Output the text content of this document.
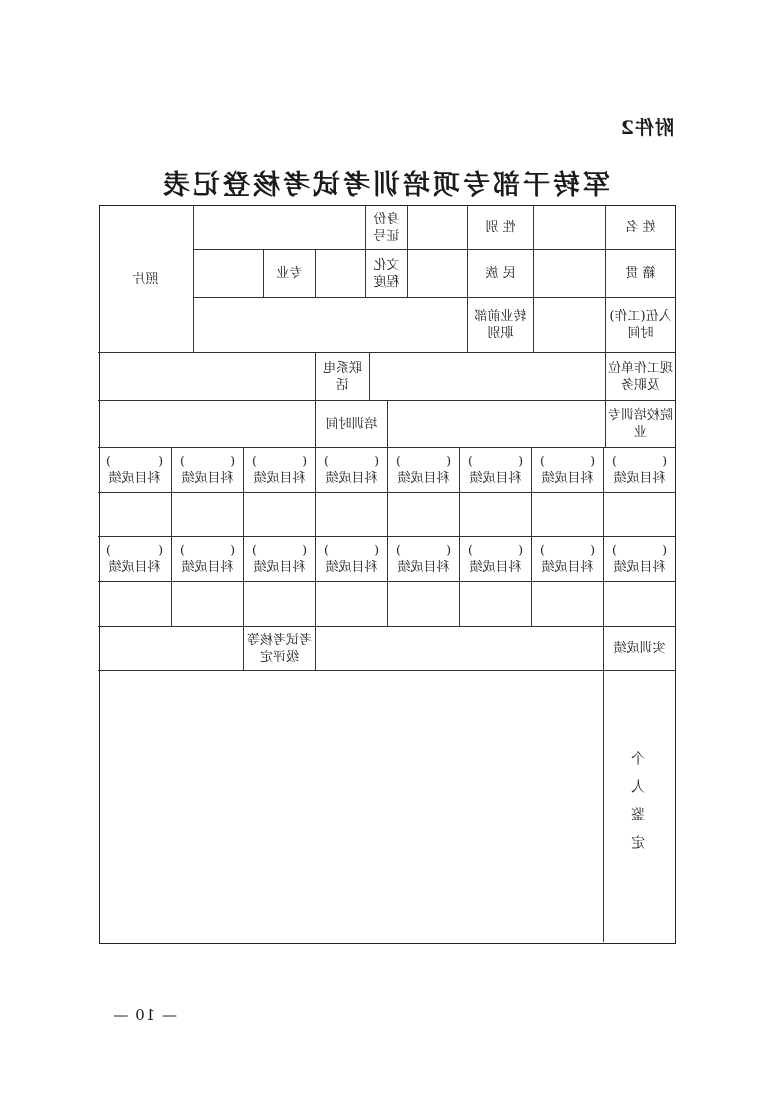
附件2
军转干部专项培训考试考核登记表
姓 名
性 别
身份证号
照片	籍 贯
民 族
文化程度
专业
入伍(工作)时间
转业前部职别
现工作单位及职务
联系电话
院校培训专业
培训时间
(
)
科目成绩
(
)
科目成绩
(
)
科目成绩
(
)
科目成绩
(
)
科目成绩
(
)
科目成绩
(
)
科目成绩
(
)
科目成绩
(
)
科目成绩
(
)
科目成绩
(
)
科目成绩
(
)
科目成绩
(
)
科目成绩
(
)
科目成绩
(
)
科目成绩
(
)
科目成绩
实训成绩
考试考核等级评定
个人鉴定
— 10 —
